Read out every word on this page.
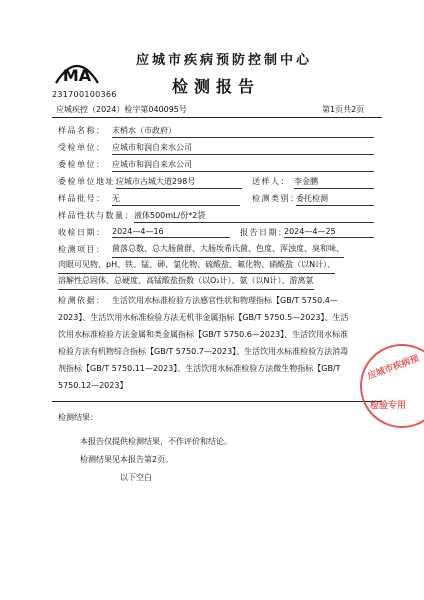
MA
231700100366
应城市疾病预防控制中心
检测报告
应城疾控（2024）检字第040095号	第1页共2页
样品名称： 末梢水（市政府）
受检单位： 应城市和润自来水公司
委检单位： 应城市和润自来水公司
委检单位地址：
应城市古城大道298号	送样人： 李金鹏
样品批号： 无	检测类别：
委托检测
样品性状与数量： 液体500mL/份*2袋
收检日期： 2024—4—16	报告日期：
2024—4—25
检测项目： 菌落总数、总大肠菌群、大肠埃希氏菌、色度、浑浊度、臭和味、
肉眼可见物、pH、铁、锰、砷、氯化物、硫酸盐、氟化物、硝酸盐（以N计）、
溶解性总固体、总硬度、高锰酸盐指数（以O₂计）、氨（以N计）、游离氯
检测依据： 生活饮用水标准检验方法感官性状和物理指标【GB/T 5750.4—
2023】、生活饮用水标准检验方法无机非金属指标【GB/T 5750.5—2023】、生活
饮用水标准检验方法金属和类金属指标【GB/T 5750.6—2023】、生活饮用水标准
检验方法有机物综合指标【GB/T 5750.7—2023】、生活饮用水标准检验方法消毒
剂指标【GB/T 5750.11—2023】、生活饮用水标准检验方法微生物指标【GB/T
5750.12—2023】
检测结果：
本报告仅提供检测结果，不作评价和结论。
检测结果见本报告第2页。
以下空白
应城市疾病预
检验专用
